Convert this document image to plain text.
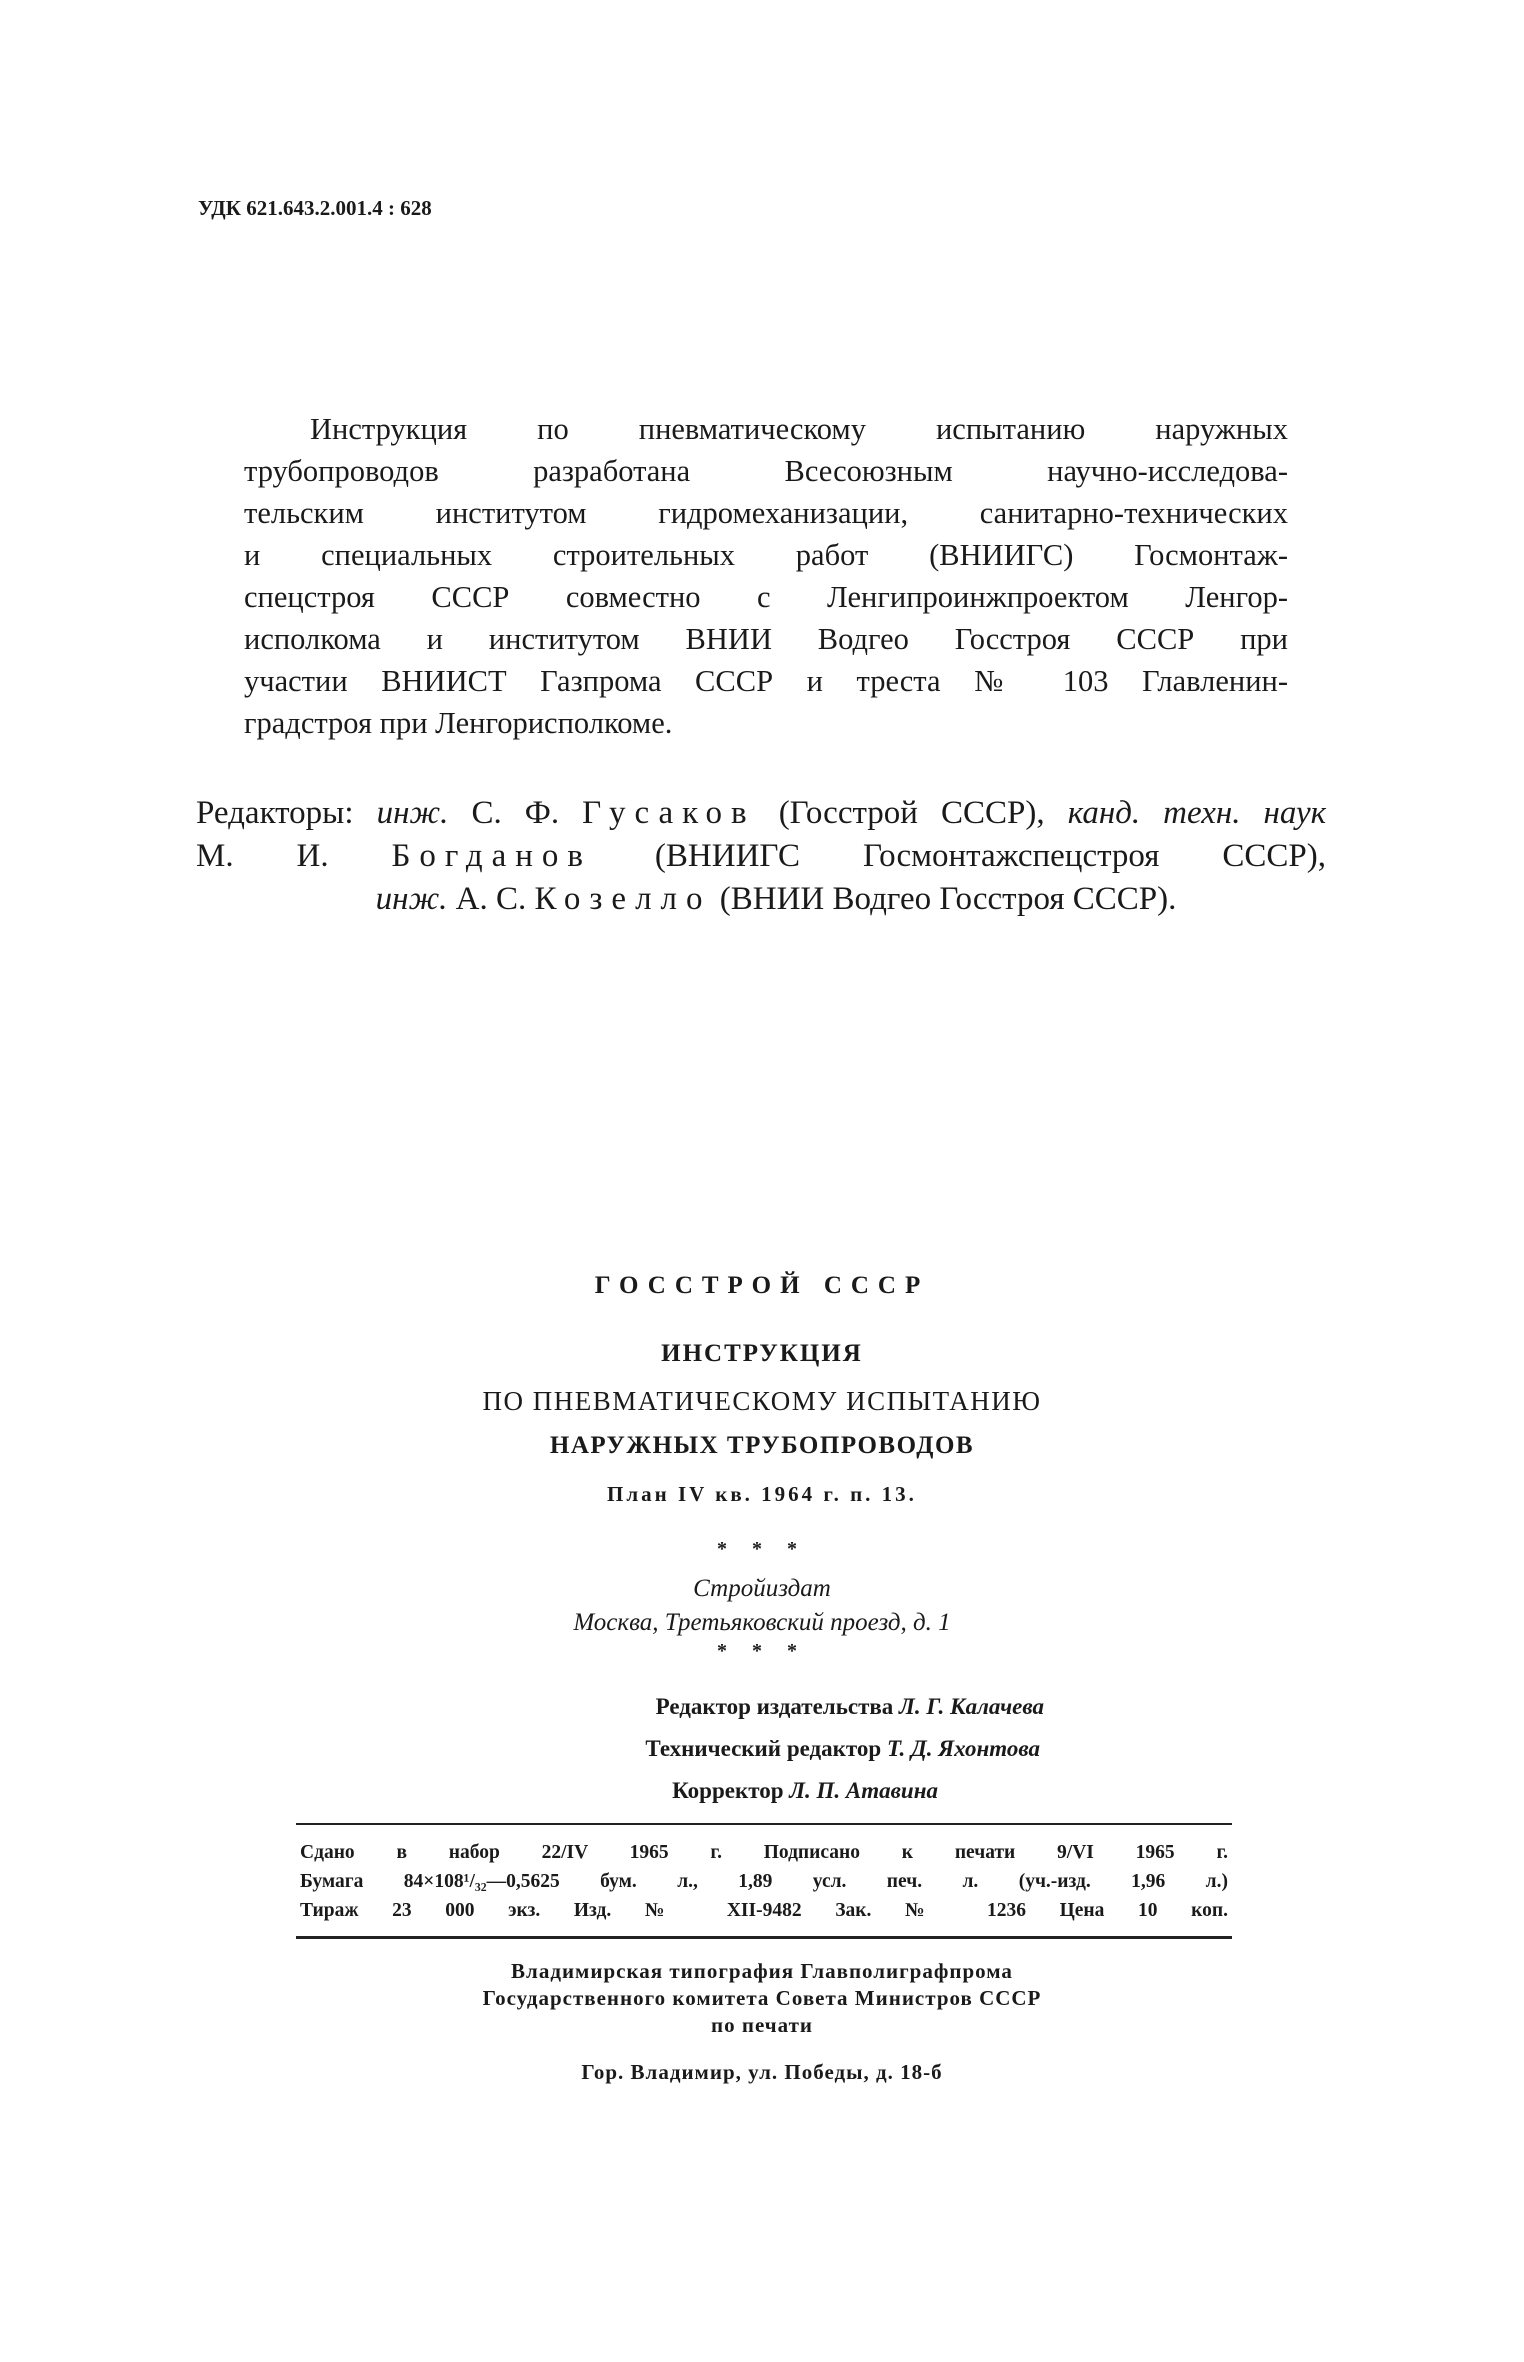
УДК 621.643.2.001.4 : 628

Инструкция по пневматическому испытанию наружных
трубопроводов разработана Всесоюзным научно-исследова-
тельским институтом гидромеханизации, санитарно-технических
и специальных строительных работ (ВНИИГС) Госмонтаж-
спецстроя СССР совместно с Ленгипроинжпроектом Ленгор-
исполкома и институтом ВНИИ Водгео Госстроя СССР при
участии ВНИИСТ Газпрома СССР и треста № 103 Главленин-
градстроя при Ленгорисполкоме.

Редакторы: инж. С. Ф. Гусаков (Госстрой СССР), канд. техн. наук
М. И. Богданов (ВНИИГС Госмонтажспецстроя СССР),
инж. А. С. Козелло (ВНИИ Водгео Госстроя СССР).
ГОССТРОЙ СССР
ИНСТРУКЦИЯ
ПО ПНЕВМАТИЧЕСКОМУ ИСПЫТАНИЮ
НАРУЖНЫХ ТРУБОПРОВОДОВ
План IV кв. 1964 г. п. 13.
* * *
Стройиздат
Москва, Третьяковский проезд, д. 1
* * *
Редактор издательства Л. Г. Калачева
Технический редактор Т. Д. Яхонтова
Корректор Л. П. Атавина
Сдано в набор 22/IV 1965 г. Подписано к печати 9/VI 1965 г.
Бумага 84×108¹/₃₂—0,5625 бум. л., 1,89 усл. печ. л. (уч.-изд. 1,96 л.)
Тираж 23 000 экз. Изд. № XII-9482 Зак. № 1236 Цена 10 коп.
Владимирская типография Главполиграфпрома
Государственного комитета Совета Министров СССР
по печати
Гор. Владимир, ул. Победы, д. 18-б
